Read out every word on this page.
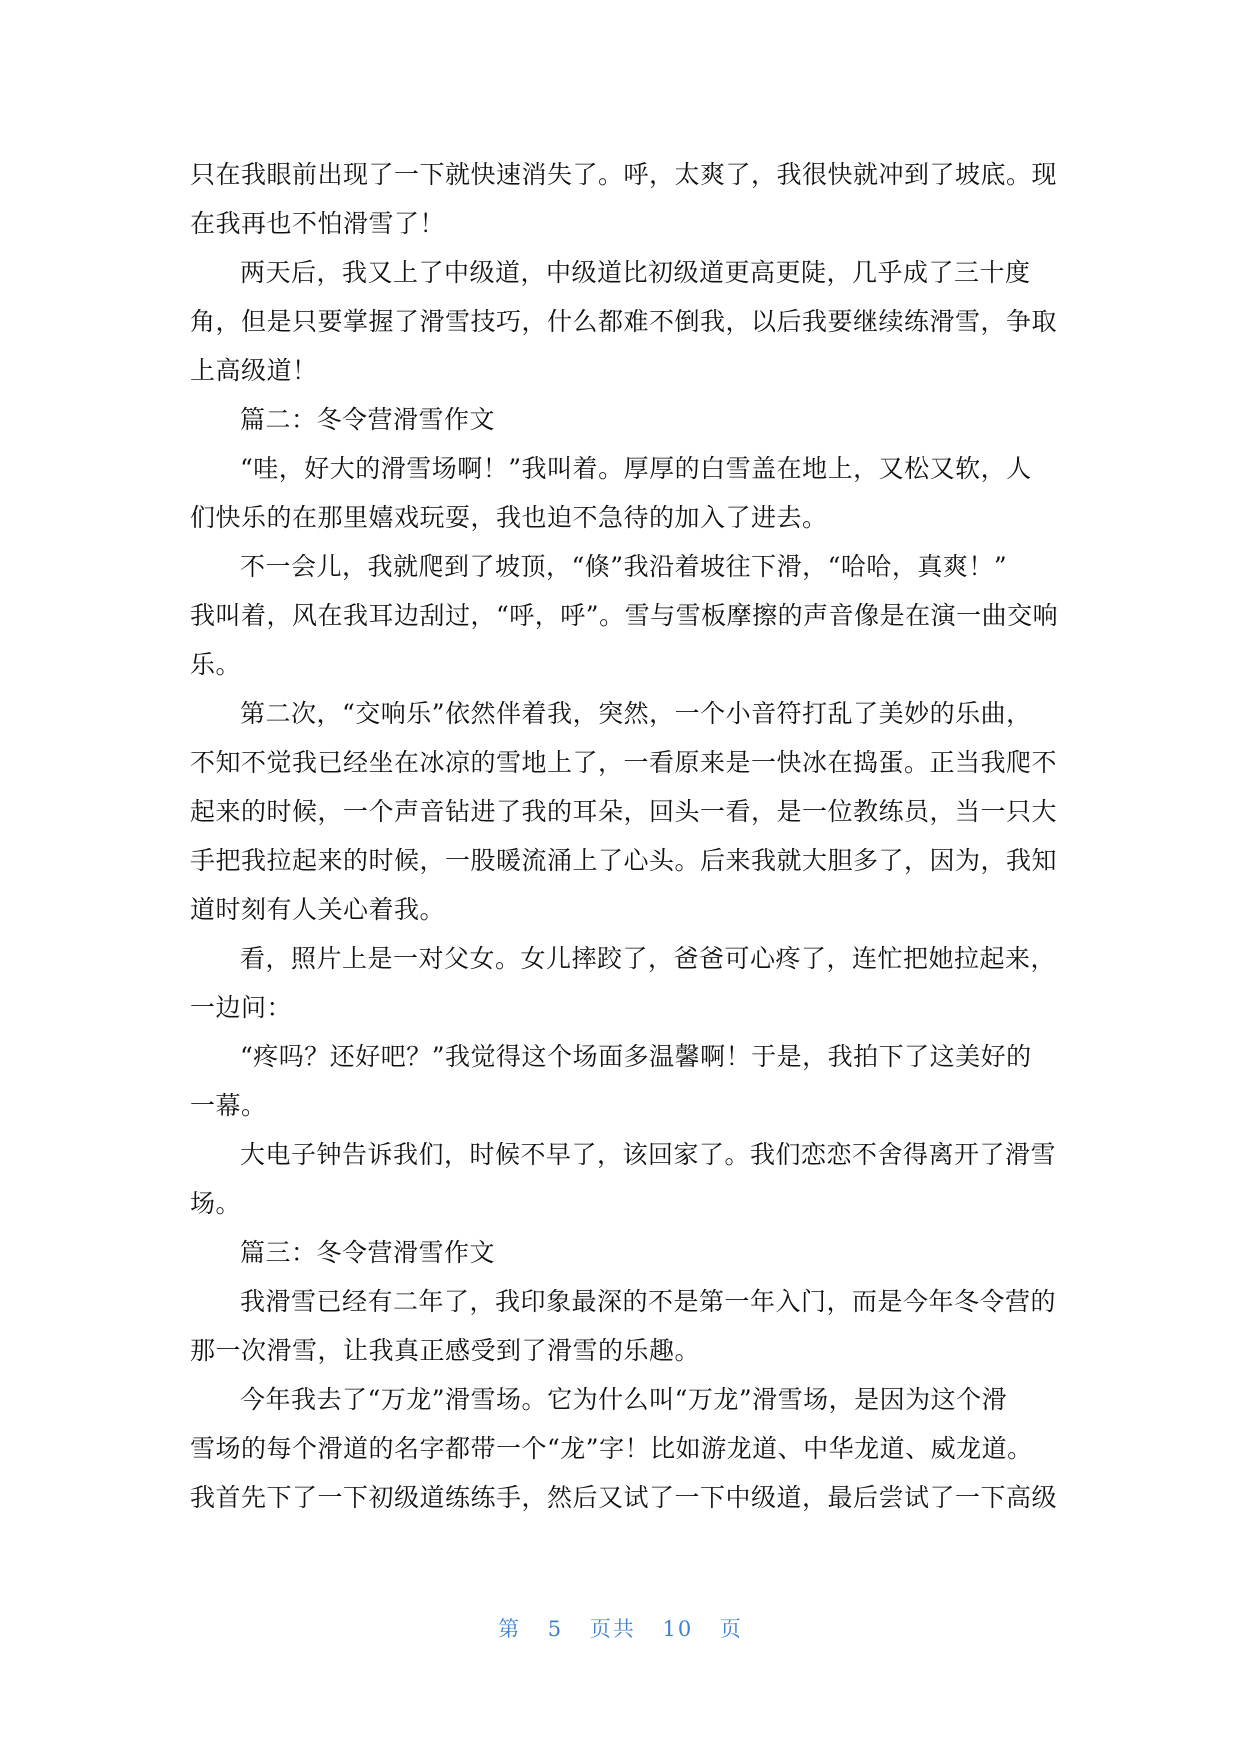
只在我眼前出现了一下就快速消失了。呼，太爽了，我很快就冲到了坡底。现
在我再也不怕滑雪了！
两天后，我又上了中级道，中级道比初级道更高更陡，几乎成了三十度
角，但是只要掌握了滑雪技巧，什么都难不倒我，以后我要继续练滑雪，争取
上高级道！
篇二：冬令营滑雪作文
“哇，好大的滑雪场啊！”我叫着。厚厚的白雪盖在地上，又松又软，人
们快乐的在那里嬉戏玩耍，我也迫不急待的加入了进去。
不一会儿，我就爬到了坡顶，“倏”我沿着坡往下滑，“哈哈，真爽！”
我叫着，风在我耳边刮过，“呼，呼”。雪与雪板摩擦的声音像是在演一曲交响
乐。
第二次，“交响乐”依然伴着我，突然，一个小音符打乱了美妙的乐曲，
不知不觉我已经坐在冰凉的雪地上了，一看原来是一快冰在捣蛋。正当我爬不
起来的时候，一个声音钻进了我的耳朵，回头一看，是一位教练员，当一只大
手把我拉起来的时候，一股暖流涌上了心头。后来我就大胆多了，因为，我知
道时刻有人关心着我。
看，照片上是一对父女。女儿摔跤了，爸爸可心疼了，连忙把她拉起来，
一边问：
“疼吗？还好吧？”我觉得这个场面多温馨啊！于是，我拍下了这美好的
一幕。
大电子钟告诉我们，时候不早了，该回家了。我们恋恋不舍得离开了滑雪
场。
篇三：冬令营滑雪作文
我滑雪已经有二年了，我印象最深的不是第一年入门，而是今年冬令营的
那一次滑雪，让我真正感受到了滑雪的乐趣。
今年我去了“万龙”滑雪场。它为什么叫“万龙”滑雪场，是因为这个滑
雪场的每个滑道的名字都带一个“龙”字！比如游龙道、中华龙道、威龙道。
我首先下了一下初级道练练手，然后又试了一下中级道，最后尝试了一下高级
第 5 页共 10 页
